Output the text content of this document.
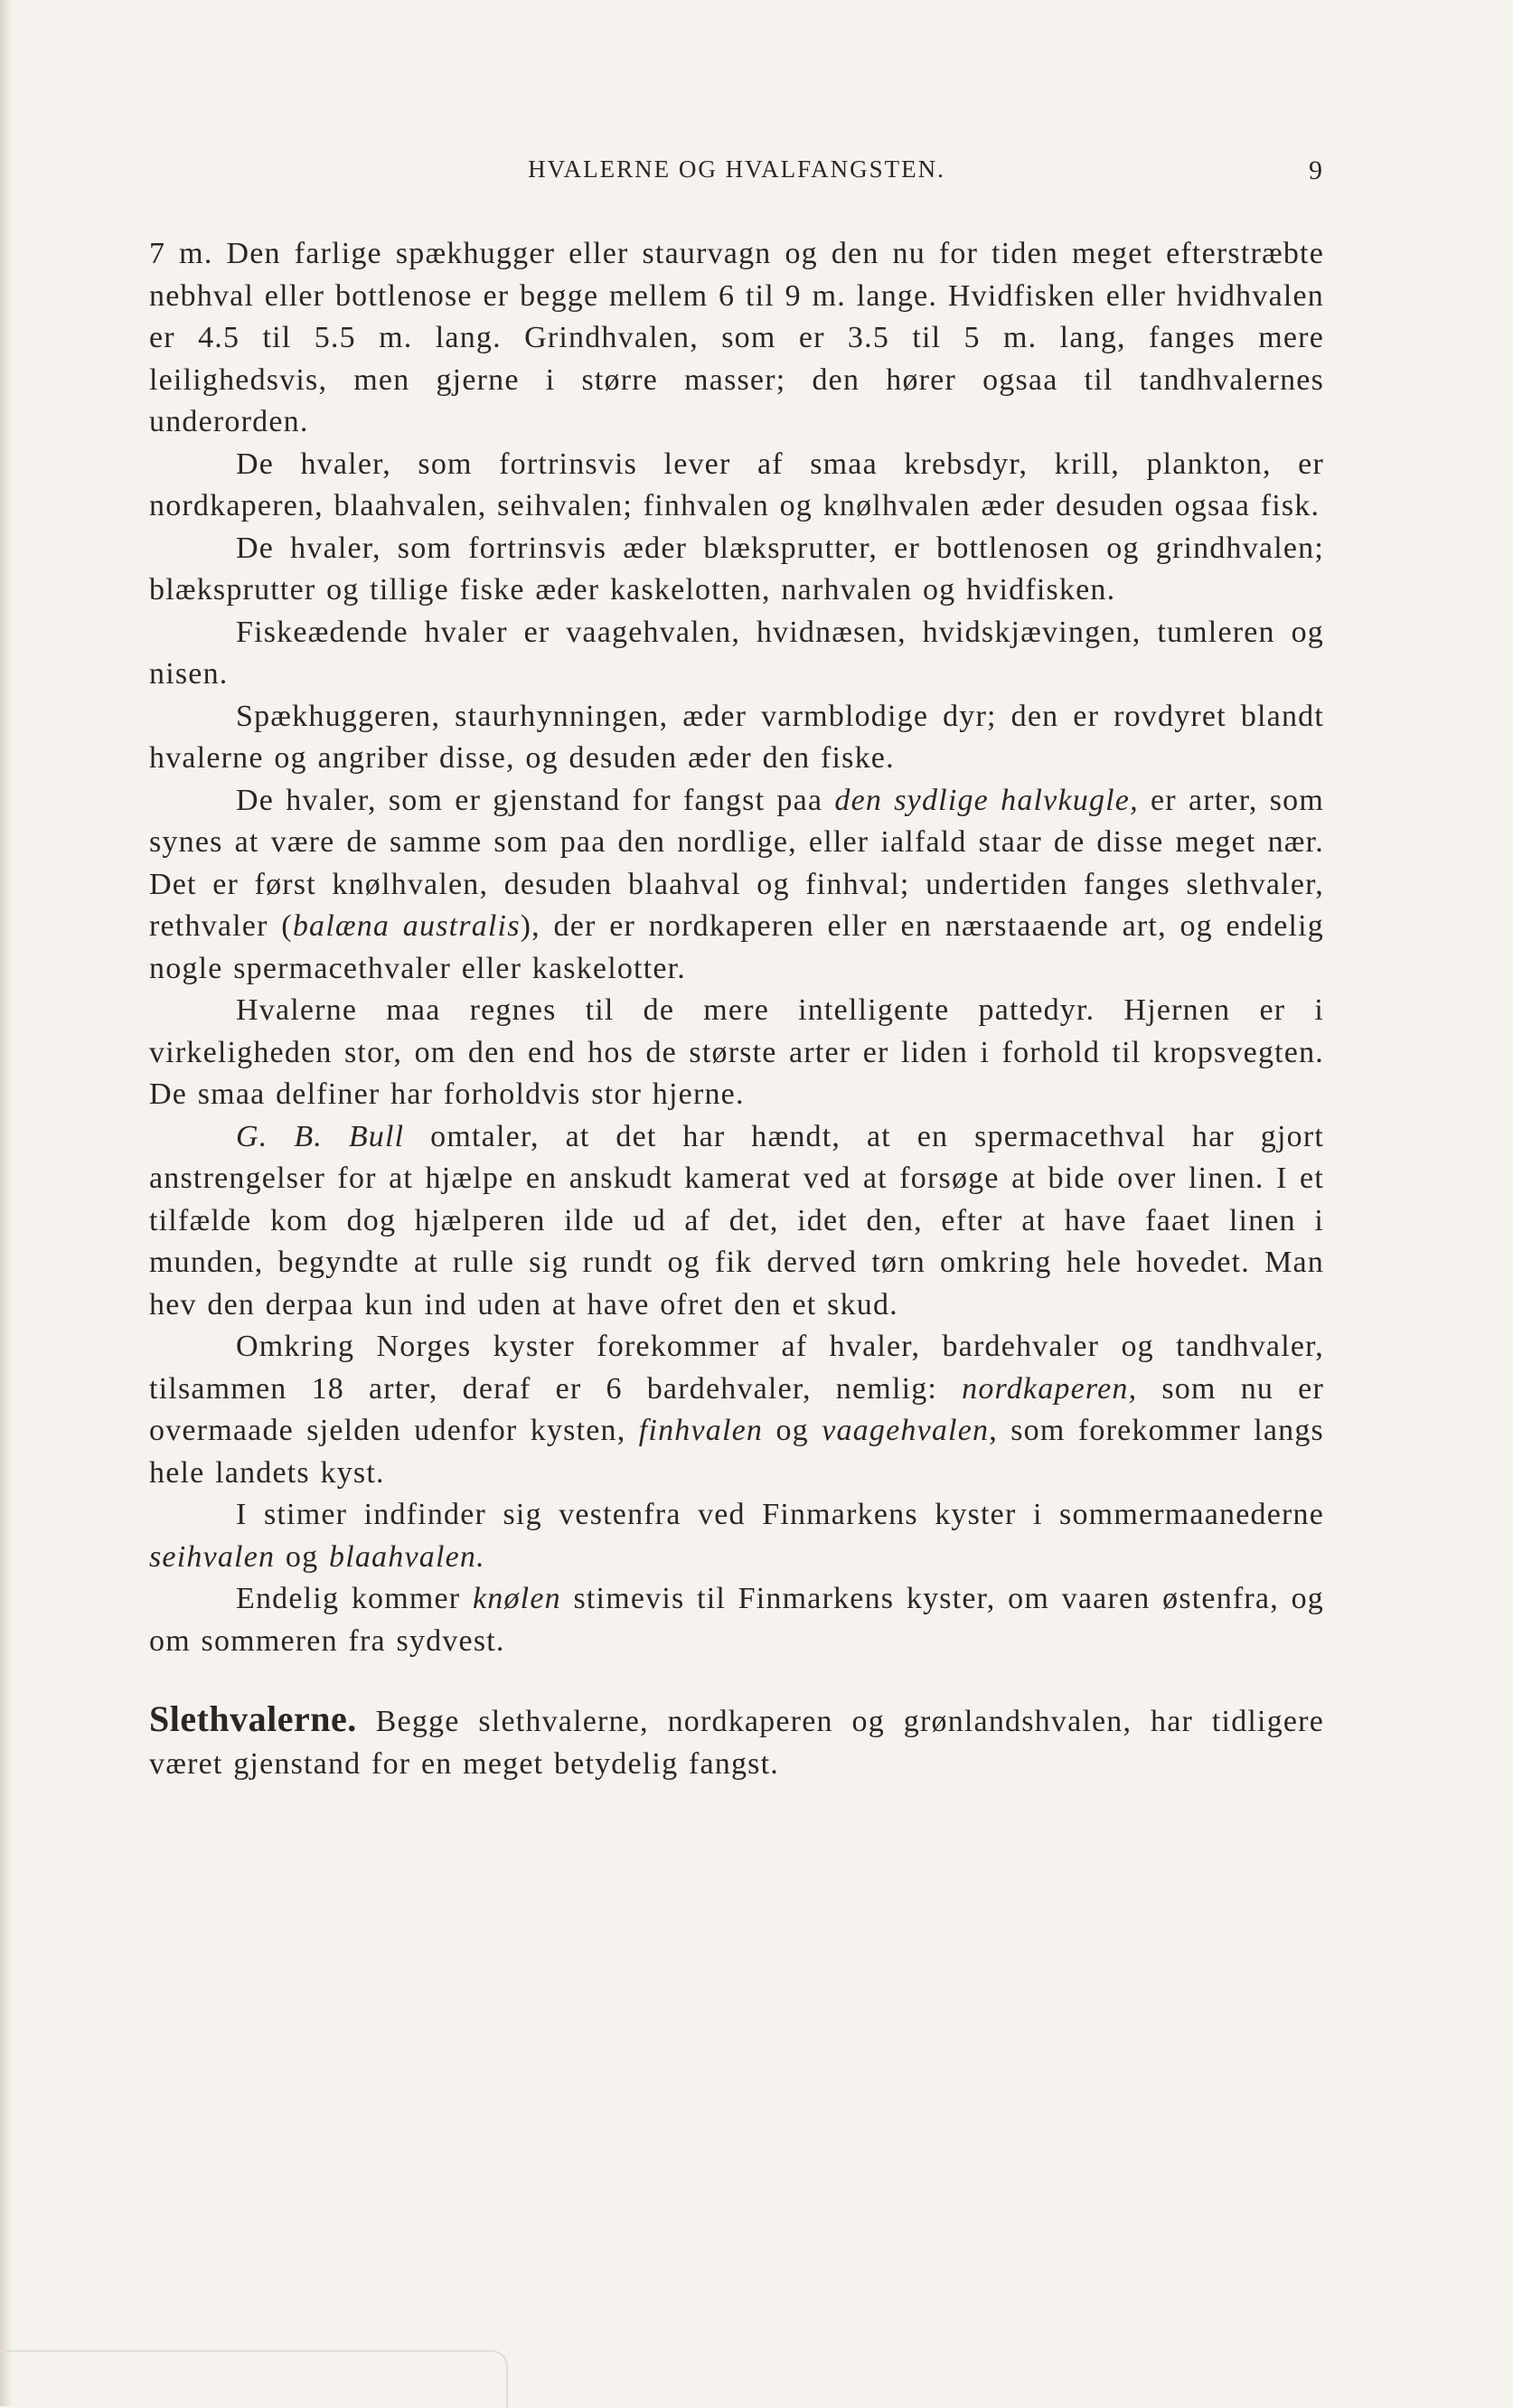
HVALERNE OG HVALFANGSTEN.	9

7 m. Den farlige spækhugger eller staurvagn og den nu for tiden meget efterstræbte nebhval eller bottlenose er begge mellem 6 til 9 m. lange. Hvidfisken eller hvidhvalen er 4.5 til 5.5 m. lang. Grindhvalen, som er 3.5 til 5 m. lang, fanges mere leilighedsvis, men gjerne i større masser; den hører ogsaa til tandhvalernes underorden.

De hvaler, som fortrinsvis lever af smaa krebsdyr, krill, plankton, er nordkaperen, blaahvalen, seihvalen; finhvalen og knølhvalen æder desuden ogsaa fisk.

De hvaler, som fortrinsvis æder blæksprutter, er bottlenosen og grindhvalen; blæksprutter og tillige fiske æder kaskelotten, narhvalen og hvidfisken.

Fiskeædende hvaler er vaagehvalen, hvidnæsen, hvidskjævingen, tumleren og nisen.

Spækhuggeren, staurhynningen, æder varmblodige dyr; den er rovdyret blandt hvalerne og angriber disse, og desuden æder den fiske.

De hvaler, som er gjenstand for fangst paa den sydlige halvkugle, er arter, som synes at være de samme som paa den nordlige, eller ialfald staar de disse meget nær. Det er først knølhvalen, desuden blaahval og finhval; undertiden fanges slethvaler, rethvaler (balæna australis), der er nordkaperen eller en nærstaaende art, og endelig nogle spermacethvaler eller kaskelotter.

Hvalerne maa regnes til de mere intelligente pattedyr. Hjernen er i virkeligheden stor, om den end hos de største arter er liden i forhold til kropsvegten. De smaa delfiner har forholdvis stor hjerne.

G. B. Bull omtaler, at det har hændt, at en spermacethval har gjort anstrengelser for at hjælpe en anskudt kamerat ved at forsøge at bide over linen. I et tilfælde kom dog hjælperen ilde ud af det, idet den, efter at have faaet linen i munden, begyndte at rulle sig rundt og fik derved tørn omkring hele hovedet. Man hev den derpaa kun ind uden at have ofret den et skud.

Omkring Norges kyster forekommer af hvaler, bardehvaler og tandhvaler, tilsammen 18 arter, deraf er 6 bardehvaler, nemlig: nordkaperen, som nu er overmaade sjelden udenfor kysten, finhvalen og vaagehvalen, som forekommer langs hele landets kyst.

I stimer indfinder sig vestenfra ved Finmarkens kyster i sommermaanederne seihvalen og blaahvalen.

Endelig kommer knølen stimevis til Finmarkens kyster, om vaaren østenfra, og om sommeren fra sydvest.

Slethvalerne. Begge slethvalerne, nordkaperen og grønlandshvalen, har tidligere været gjenstand for en meget betydelig fangst.
